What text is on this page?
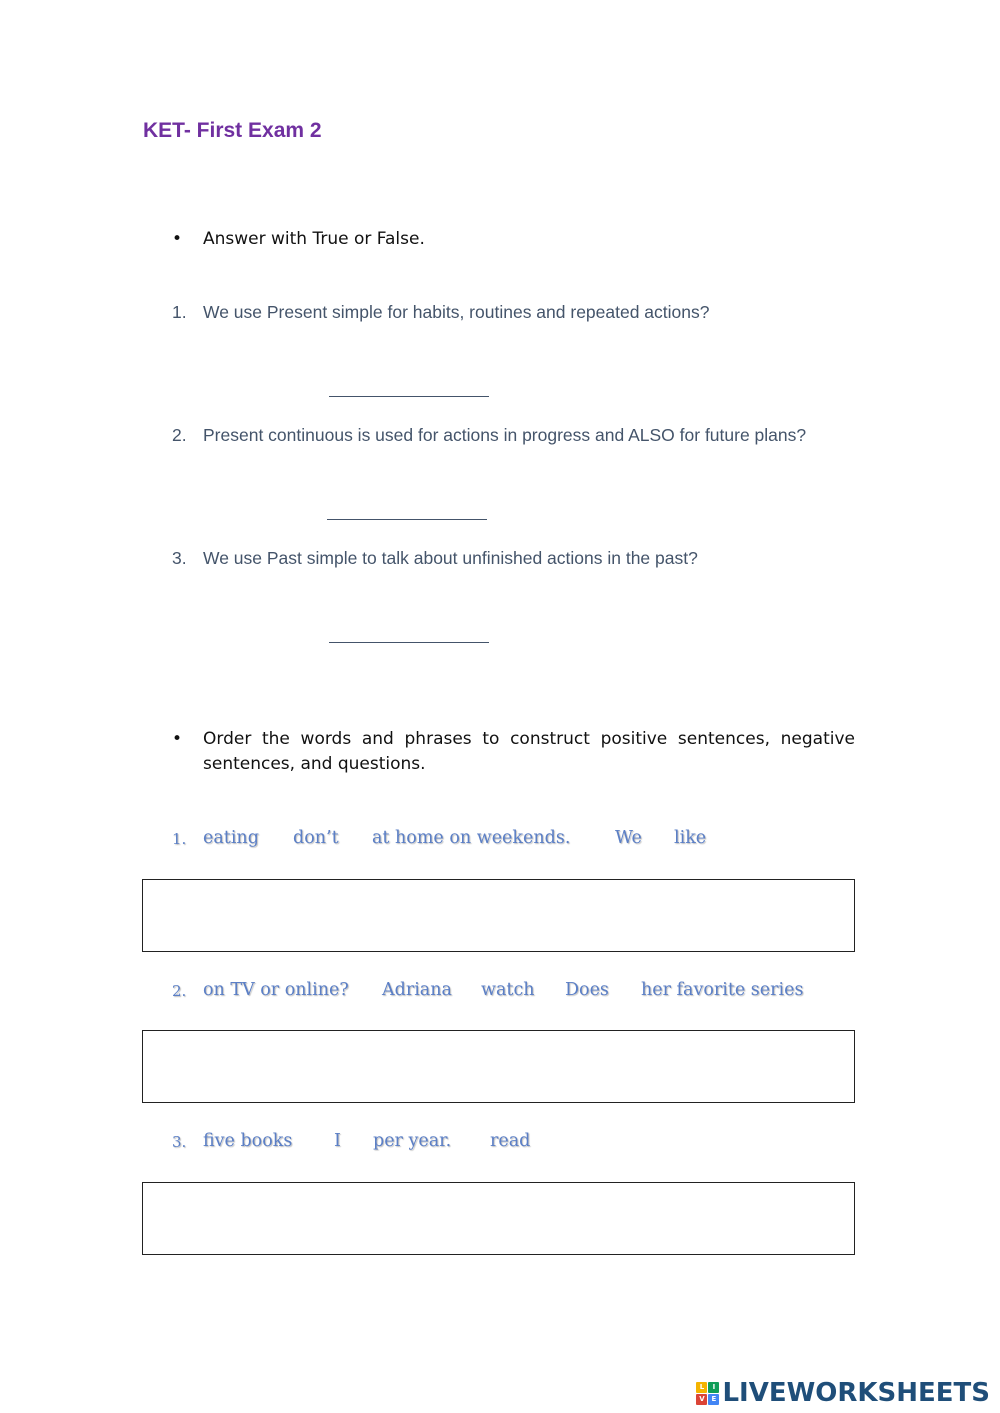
KET- First Exam 2
• Answer with True or False.
1. We use Present simple for habits, routines and repeated actions?
2. Present continuous is used for actions in progress and ALSO for future plans?
3. We use Past simple to talk about unfinished actions in the past?
• Order the words and phrases to construct positive sentences, negative sentences, and questions.
1. eating don’t at home on weekends.	We like
2. on TV or online? Adriana watch Does her favorite series
3. five books I per year. read
L	I
V E LIVEWORKSHEETS
